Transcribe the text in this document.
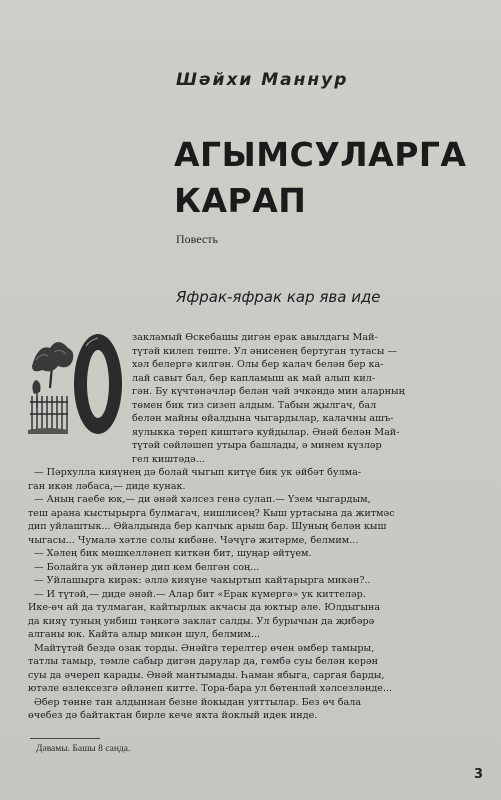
Шәйхи Маннур
АГЫМСУЛАРГА
КАРАП
Повесть
Яфрак-яфрак кар ява иде
закламый Өскебашы дигән ерак авылдагы Май-
түтәй килеп төште. Ул әнисенең бертуган тутасы —
хәл белергә килгән. Олы бер калач белән бер ка-
лай савыт бал, бер капламыш ак май алып кил-
гән. Бу күчтәнәчләр белән чәй эчкәндә мин аларның
төмен бик тиз сизеп алдым. Табын җылгач, бал
белән майны өйалдына чыгардылар, калачны ашъ-
яулыкка төреп киштәгә куйдылар. Әнәй белән Май-
түтәй сөйләшеп утыра башлады, ә минем күзләр
гел киштәдә...
— Пәрхулла кияүнең дә болай чыгып китүе бик ук әйбәт булма-
ган икән ләбаса,— диде кунак.
— Аның гаебе юк,— ди әнәй хәлсез генә сулап.— Үзем чыгардым,
теш арана кыстырырга булмагач, нишлисең? Кыш уртасына да житмәс
дип уйлаштык... Өйалдында бер капчык арыш бар. Шуның белән кыш
чыгасы... Чумалә хәтле солы кибәне. Чәчүгә житәрме, белмим...
— Хәлең бик мөшкелләнеп киткән бит, шуңар әйтүем.
— Болайга ук әйләнер дип кем белгән соң...
— Уйлашырга кирәк: әллә кияүне чакыртып кайтарырга микән?..
— И түтәй,— диде әнәй.— Алар бит «Ерак күмергә» ук киттеләр.
Ике-өч ай да тулмаган, кайтырлык акчасы да юктыр әле. Юлдыгына
да кияү туның унбиш тәңкәгә заклат салды. Ул бурычын да җибәрә
алганы юк. Кайта алыр микән шул, белмим...
Майтүтәй бездә озак торды. Әнәйгә терелтер өчен әмбер тамыры,
татлы тамыр, тәмле сабыр дигән дарулар да, гөмбә суы белән керән
суы да әчереп карады. Әнәй мантымады. Һаман ябыга, саргая барды,
ютәле өзлексезгә әйләнеп китте. Тора-бара ул бөтенләй хәлсезләнде...
Әбер төнне тан алдыннан безне йокыдан уяттылар. Без өч бала
өчебез дә байтактан бирле кече якта йоклый идек инде.
Дәвамы. Башы 8 санда.
3
